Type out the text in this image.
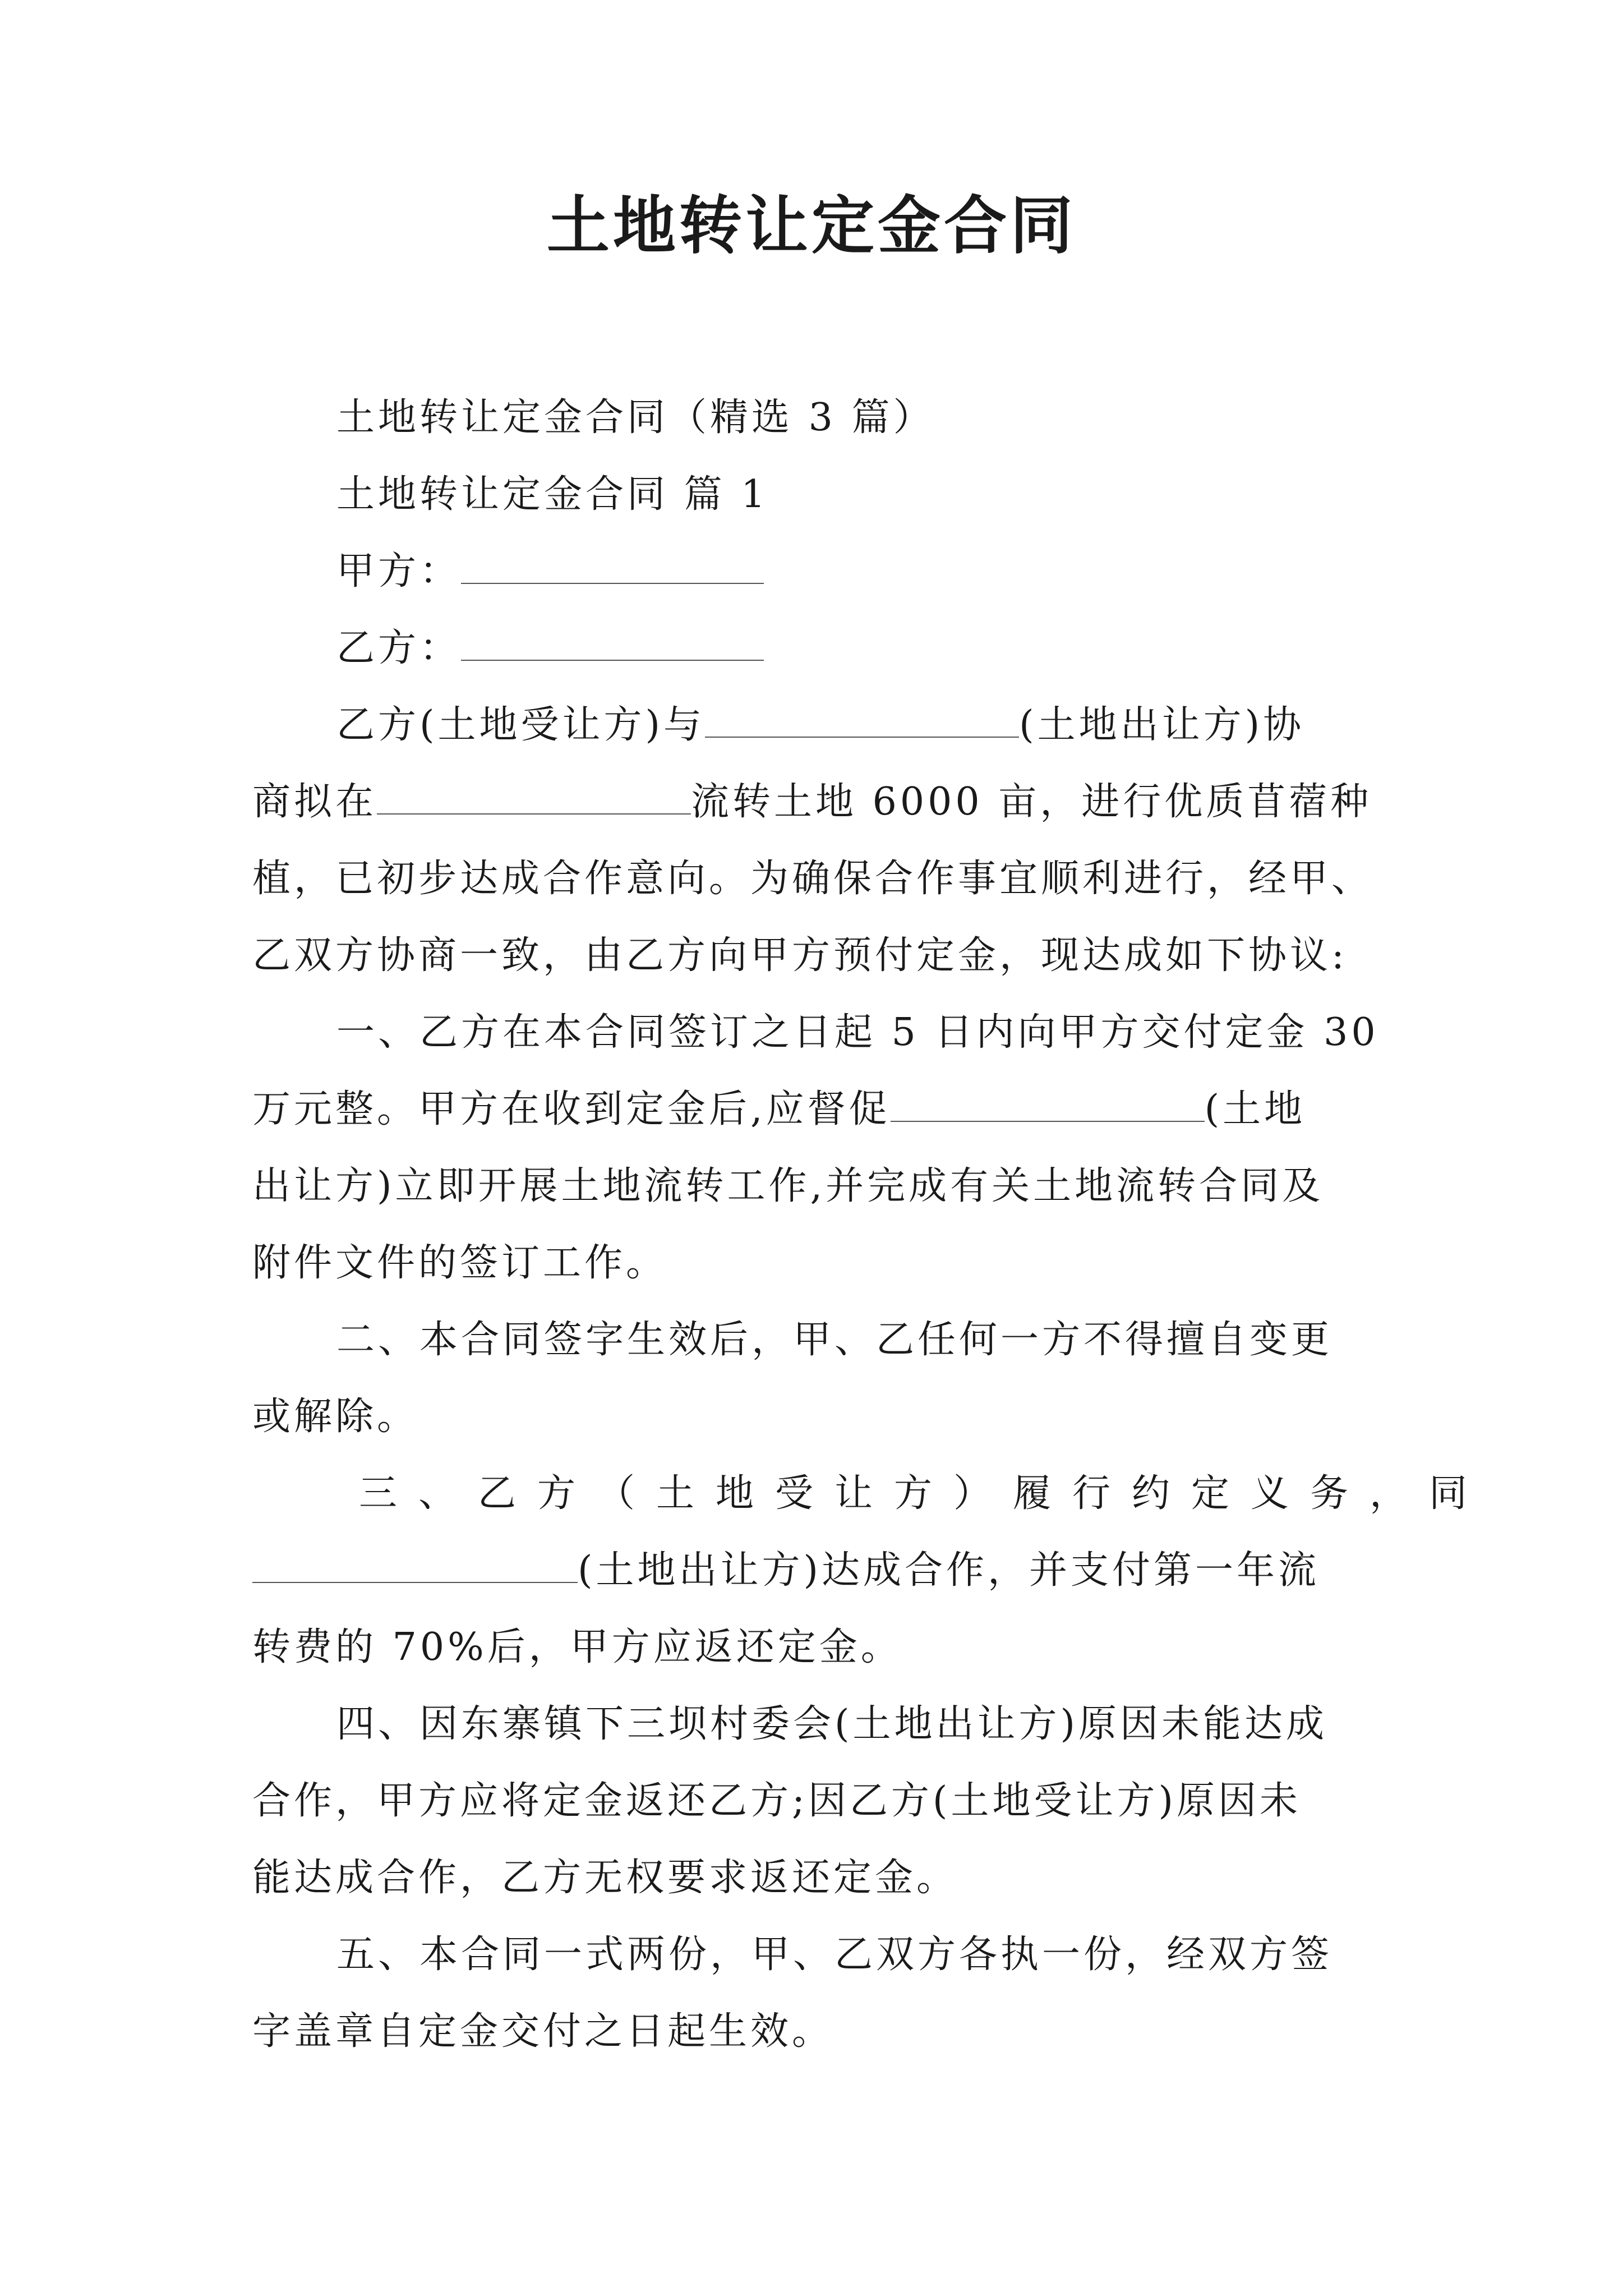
土地转让定金合同
土地转让定金合同（精选 3 篇）
土地转让定金合同 篇 1
甲方：
乙方：
乙方(土地受让方)与	(土地出让方)协
商拟在	流转土地 6000 亩，进行优质苜蓿种
植，已初步达成合作意向。为确保合作事宜顺利进行，经甲、
乙双方协商一致，由乙方向甲方预付定金，现达成如下协议:
一、乙方在本合同签订之日起 5 日内向甲方交付定金 30
万元整。甲方在收到定金后,应督促	(土地
出让方)立即开展土地流转工作,并完成有关土地流转合同及
附件文件的签订工作。
二、本合同签字生效后，甲、乙任何一方不得擅自变更
或解除。
三、乙方（土地受让方）履行约定义务，同
(土地出让方)达成合作，并支付第一年流
转费的 70%后，甲方应返还定金。
四、因东寨镇下三坝村委会(土地出让方)原因未能达成
合作，甲方应将定金返还乙方;因乙方(土地受让方)原因未
能达成合作，乙方无权要求返还定金。
五、本合同一式两份，甲、乙双方各执一份，经双方签
字盖章自定金交付之日起生效。
